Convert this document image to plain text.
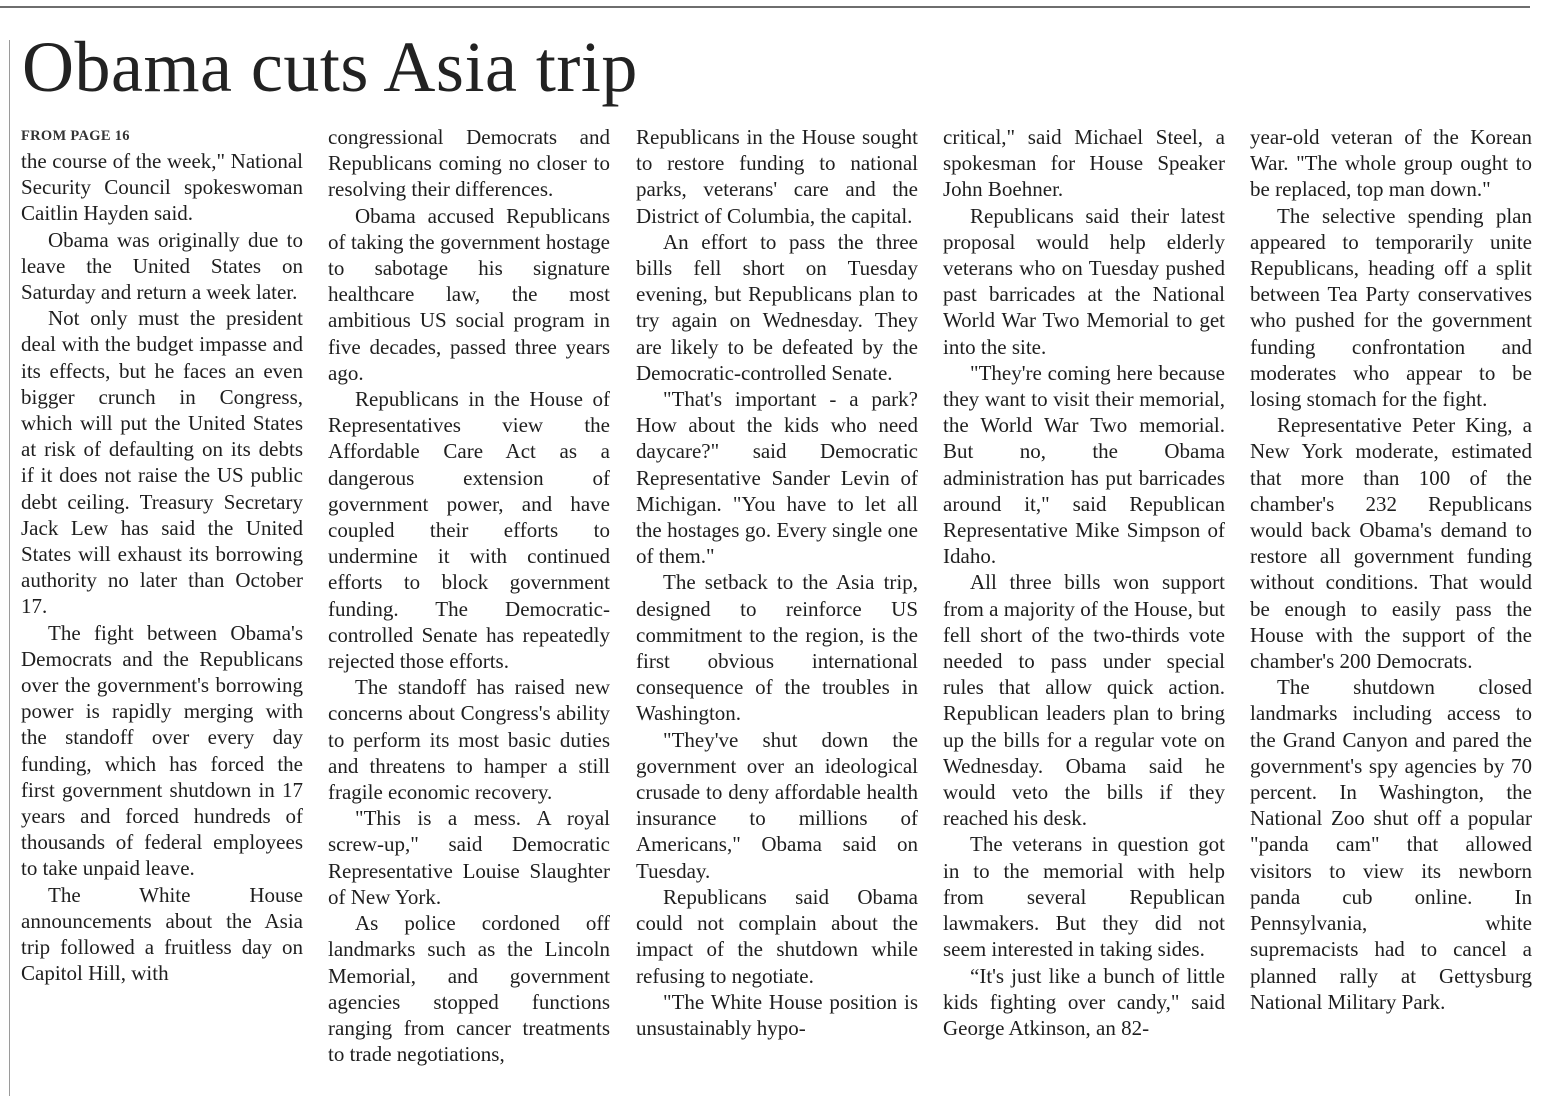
Obama cuts Asia trip
FROM PAGE 16

the course of the week," National Security Council spokeswoman Caitlin Hayden said.

Obama was originally due to leave the United States on Saturday and return a week later.

Not only must the president deal with the budget impasse and its effects, but he faces an even bigger crunch in Congress, which will put the United States at risk of defaulting on its debts if it does not raise the US public debt ceiling. Treasury Secretary Jack Lew has said the United States will exhaust its borrowing authority no later than October 17.

The fight between Obama's Democrats and the Republicans over the government's borrowing power is rapidly merging with the standoff over every day funding, which has forced the first government shutdown in 17 years and forced hundreds of thousands of federal employees to take unpaid leave.

The White House announcements about the Asia trip followed a fruitless day on Capitol Hill, with

congressional Democrats and Republicans coming no closer to resolving their differences.

Obama accused Republicans of taking the government hostage to sabotage his signature healthcare law, the most ambitious US social program in five decades, passed three years ago.

Republicans in the House of Representatives view the Affordable Care Act as a dangerous extension of government power, and have coupled their efforts to undermine it with continued efforts to block government funding. The Democratic-controlled Senate has repeatedly rejected those efforts.

The standoff has raised new concerns about Congress's ability to perform its most basic duties and threatens to hamper a still fragile economic recovery.

"This is a mess. A royal screw-up," said Democratic Representative Louise Slaughter of New York.

As police cordoned off landmarks such as the Lincoln Memorial, and government agencies stopped functions ranging from cancer treatments to trade negotiations,

Republicans in the House sought to restore funding to national parks, veterans' care and the District of Columbia, the capital.

An effort to pass the three bills fell short on Tuesday evening, but Republicans plan to try again on Wednesday. They are likely to be defeated by the Democratic-controlled Senate.

"That's important - a park? How about the kids who need daycare?" said Democratic Representative Sander Levin of Michigan. "You have to let all the hostages go. Every single one of them."

The setback to the Asia trip, designed to reinforce US commitment to the region, is the first obvious international consequence of the troubles in Washington.

"They've shut down the government over an ideological crusade to deny affordable health insurance to millions of Americans," Obama said on Tuesday.

Republicans said Obama could not complain about the impact of the shutdown while refusing to negotiate.

"The White House position is unsustainably hypo-

critical," said Michael Steel, a spokesman for House Speaker John Boehner.

Republicans said their latest proposal would help elderly veterans who on Tuesday pushed past barricades at the National World War Two Memorial to get into the site.

"They're coming here because they want to visit their memorial, the World War Two memorial. But no, the Obama administration has put barricades around it," said Republican Representative Mike Simpson of Idaho.

All three bills won support from a majority of the House, but fell short of the two-thirds vote needed to pass under special rules that allow quick action. Republican leaders plan to bring up the bills for a regular vote on Wednesday. Obama said he would veto the bills if they reached his desk.

The veterans in question got in to the memorial with help from several Republican lawmakers. But they did not seem interested in taking sides.

“It's just like a bunch of little kids fighting over candy," said George Atkinson, an 82-

year-old veteran of the Korean War. "The whole group ought to be replaced, top man down."

The selective spending plan appeared to temporarily unite Republicans, heading off a split between Tea Party conservatives who pushed for the government funding confrontation and moderates who appear to be losing stomach for the fight.

Representative Peter King, a New York moderate, estimated that more than 100 of the chamber's 232 Republicans would back Obama's demand to restore all government funding without conditions. That would be enough to easily pass the House with the support of the chamber's 200 Democrats.

The shutdown closed landmarks including access to the Grand Canyon and pared the government's spy agencies by 70 percent. In Washington, the National Zoo shut off a popular "panda cam" that allowed visitors to view its newborn panda cub online. In Pennsylvania, white supremacists had to cancel a planned rally at Gettysburg National Military Park.
